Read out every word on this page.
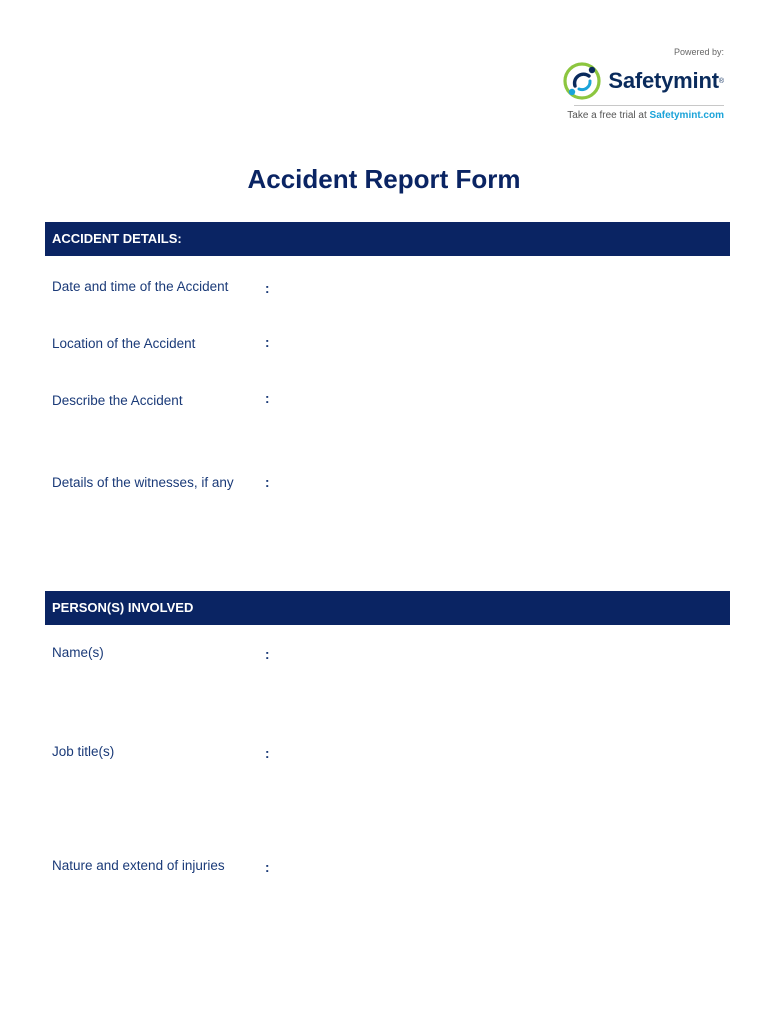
Powered by:
Safetymint ®
Take a free trial at Safetymint.com
Accident Report Form
ACCIDENT DETAILS:
Date and time of the Accident	:
Location of the Accident	:
Describe the Accident	:
Details of the witnesses, if any :
PERSON(S) INVOLVED
Name(s)	:
Job title(s)	:
Nature and extend of injuries	:
